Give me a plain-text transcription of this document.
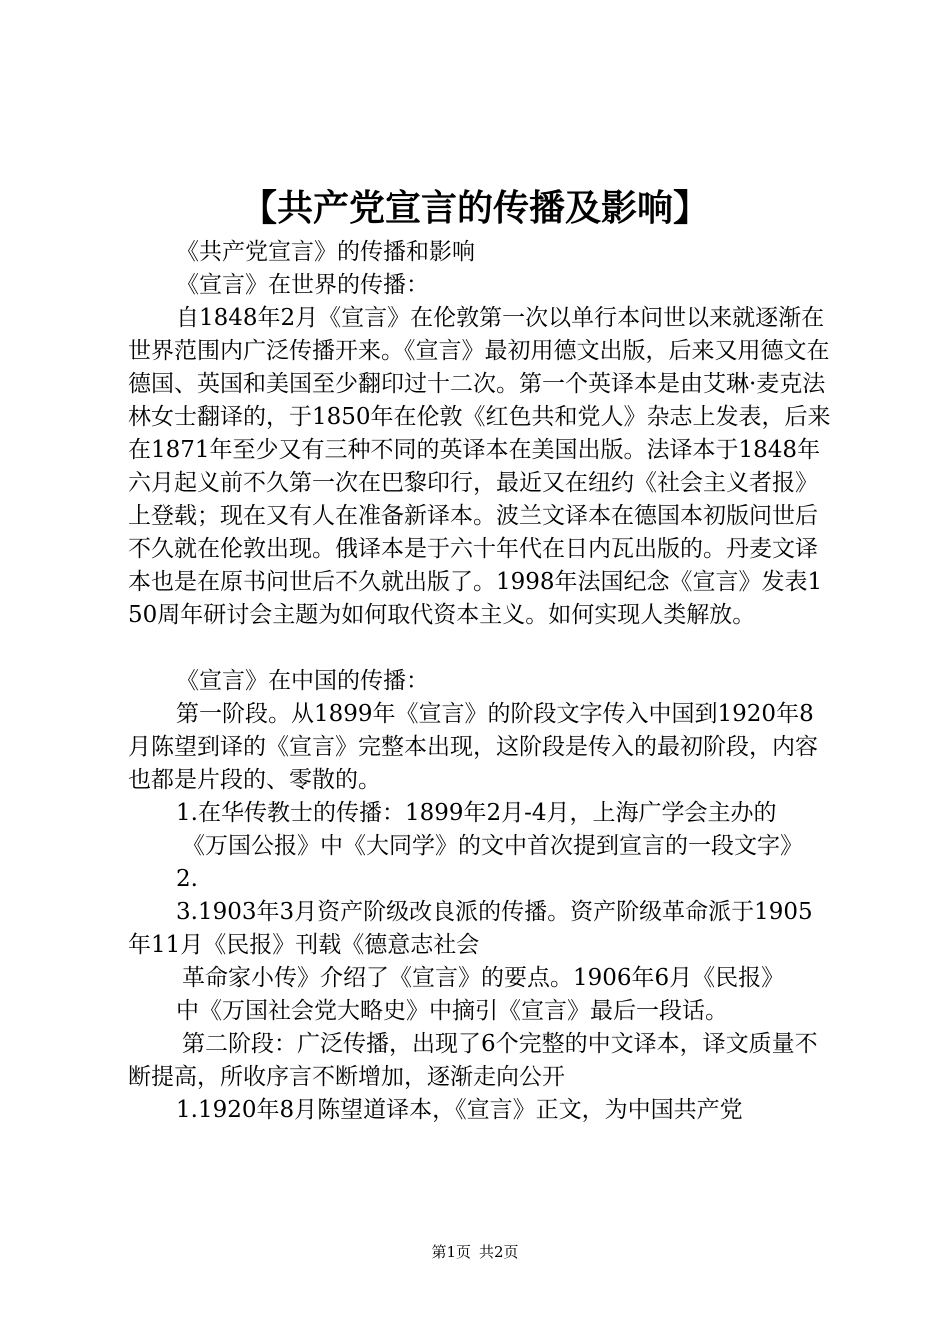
【共产党宣言的传播及影响】

《共产党宣言》的传播和影响

《宣言》在世界的传播：

自1848年2月《宣言》在伦敦第一次以单行本问世以来就逐渐在世界范围内广泛传播开来。《宣言》最初用德文出版，后来又用德文在德国、英国和美国至少翻印过十二次。第一个英译本是由艾琳·麦克法林女士翻译的，于1850年在伦敦《红色共和党人》杂志上发表，后来在1871年至少又有三种不同的英译本在美国出版。法译本于1848年六月起义前不久第一次在巴黎印行，最近又在纽约《社会主义者报》上登载；现在又有人在准备新译本。波兰文译本在德国本初版问世后不久就在伦敦出现。俄译本是于六十年代在日内瓦出版的。丹麦文译本也是在原书问世后不久就出版了。1998年法国纪念《宣言》发表150周年研讨会主题为如何取代资本主义。如何实现人类解放。

《宣言》在中国的传播：

第一阶段。从1899年《宣言》的阶段文字传入中国到1920年8月陈望到译的《宣言》完整本出现，这阶段是传入的最初阶段，内容也都是片段的、零散的。

1.在华传教士的传播：1899年2月-4月，上海广学会主办的

《万国公报》中《大同学》的文中首次提到宣言的一段文字》

2.

3.1903年3月资产阶级改良派的传播。资产阶级革命派于1905年11月《民报》刊载《德意志社会

革命家小传》介绍了《宣言》的要点。1906年6月《民报》

中《万国社会党大略史》中摘引《宣言》最后一段话。

第二阶段：广泛传播，出现了6个完整的中文译本，译文质量不断提高，所收序言不断增加，逐渐走向公开

1.1920年8月陈望道译本，《宣言》正文，为中国共产党

第1页 共2页
